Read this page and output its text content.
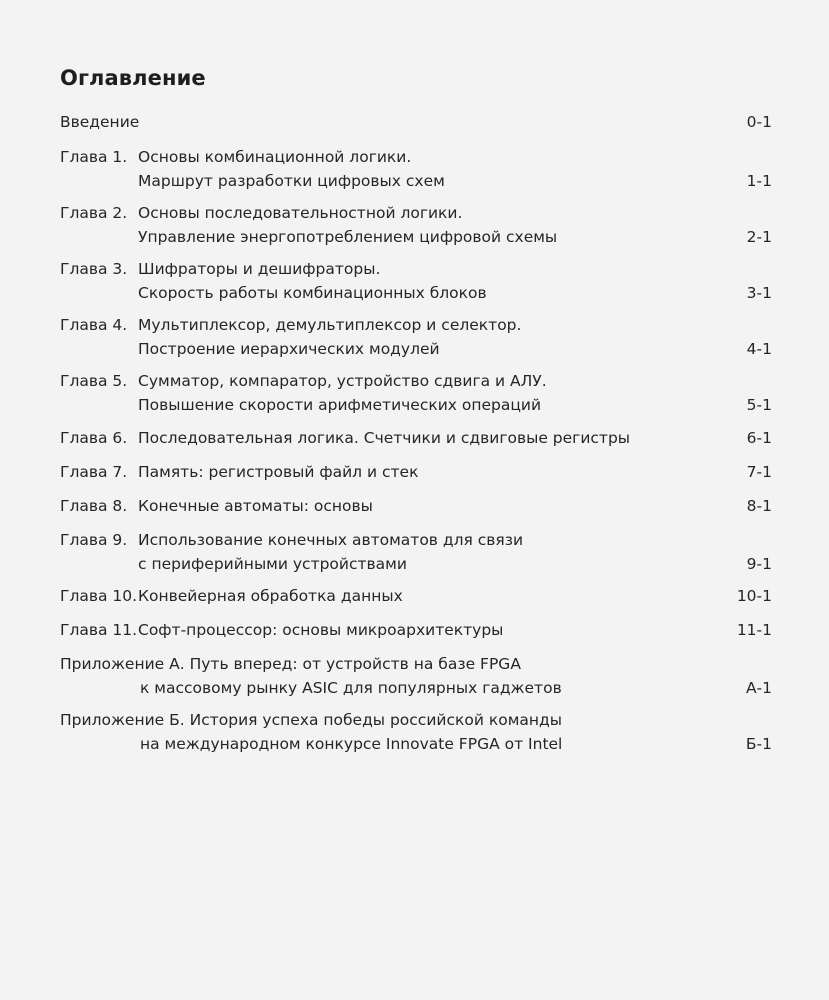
Оглавление
Введение	0-1
Глава 1. Основы комбинационной логики.
Маршрут разработки цифровых схем	1-1
Глава 2. Основы последовательностной логики.
Управление энергопотреблением цифровой схемы	2-1
Глава 3. Шифраторы и дешифраторы.
Скорость работы комбинационных блоков	3-1
Глава 4. Мультиплексор, демультиплексор и селектор.
Построение иерархических модулей	4-1
Глава 5. Сумматор, компаратор, устройство сдвига и АЛУ.
Повышение скорости арифметических операций	5-1
Глава 6. Последовательная логика. Счетчики и сдвиговые регистры	6-1
Глава 7. Память: регистровый файл и стек	7-1
Глава 8. Конечные автоматы: основы	8-1
Глава 9. Использование конечных автоматов для связи
с периферийными устройствами	9-1
Глава 10. Конвейерная обработка данных	10-1
Глава 11. Софт-процессор: основы микроархитектуры	11-1
Приложение А. Путь вперед: от устройств на базе FPGA
к массовому рынку ASIC для популярных гаджетов	А-1
Приложение Б. История успеха победы российской команды
на международном конкурсе Innovate FPGA от Intel	Б-1
